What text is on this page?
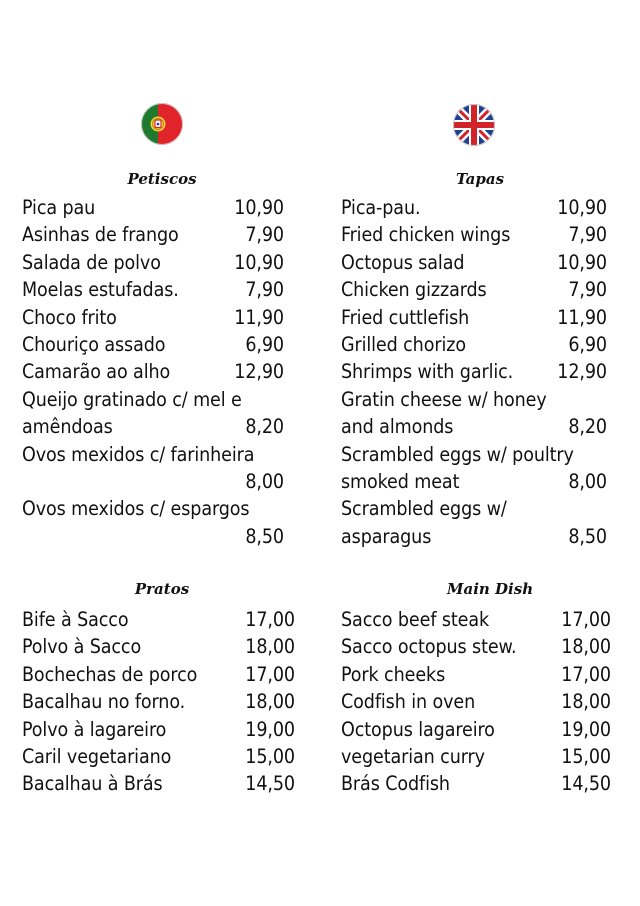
Petiscos	Tapas
Pratos	Main Dish
Pica pau	10,90
Asinhas de frango	7,90
Salada de polvo	10,90
Moelas estufadas.	7,90
Choco frito	11,90
Chouriço assado	6,90
Camarão ao alho	12,90
Queijo gratinado c/ mel e
amêndoas	8,20
Ovos mexidos c/ farinheira
8,00
Ovos mexidos c/ espargos
8,50
Pica-pau.	10,90
Fried chicken wings	7,90
Octopus salad	10,90
Chicken gizzards	7,90
Fried cuttlefish	11,90
Grilled chorizo	6,90
Shrimps with garlic. 12,90
Gratin cheese w/ honey
and almonds	8,20
Scrambled eggs w/ poultry
smoked meat	8,00
Scrambled eggs w/
asparagus	8,50
Bife à Sacco	17,00
Polvo à Sacco	18,00
Bochechas de porco 17,00
Bacalhau no forno.	18,00
Polvo à lagareiro	19,00
Caril vegetariano	15,00
Bacalhau à Brás	14,50
Sacco beef steak	17,00
Sacco octopus stew. 18,00
Pork cheeks	17,00
Codfish in oven	18,00
Octopus lagareiro	19,00
vegetarian curry	15,00
Brás Codfish	14,50
